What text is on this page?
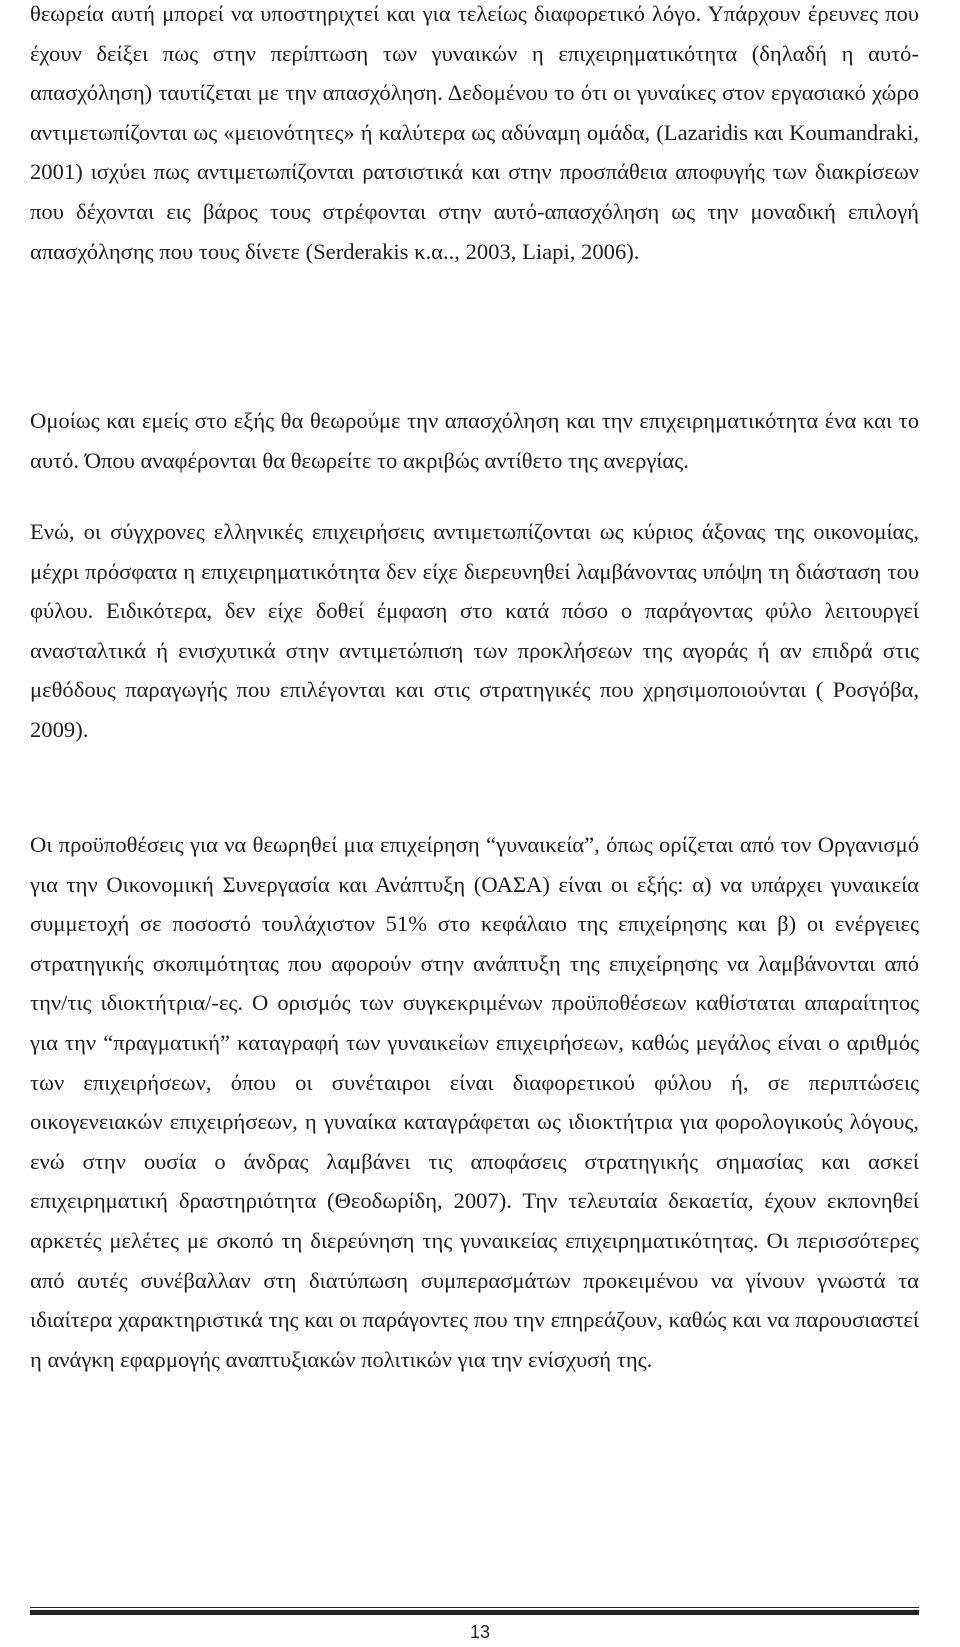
θεωρεία αυτή μπορεί να υποστηριχτεί και για τελείως διαφορετικό λόγο. Υπάρχουν έρευνες που έχουν δείξει πως στην περίπτωση των γυναικών η επιχειρηματικότητα (δηλαδή η αυτό-απασχόληση) ταυτίζεται με την απασχόληση. Δεδομένου το ότι οι γυναίκες στον εργασιακό χώρο αντιμετωπίζονται ως «μειονότητες» ή καλύτερα ως αδύναμη ομάδα, (Lazaridis και Koumandraki, 2001) ισχύει πως αντιμετωπίζονται ρατσιστικά και στην προσπάθεια αποφυγής των διακρίσεων που δέχονται εις βάρος τους στρέφονται στην αυτό-απασχόληση ως την μοναδική επιλογή απασχόλησης που τους δίνετε (Serderakis κ.α.., 2003, Liapi, 2006).

Ομοίως και εμείς στο εξής θα θεωρούμε την απασχόληση και την επιχειρηματικότητα ένα και το αυτό. Όπου αναφέρονται θα θεωρείτε το ακριβώς αντίθετο της ανεργίας.

Ενώ, οι σύγχρονες ελληνικές επιχειρήσεις αντιμετωπίζονται ως κύριος άξονας της οικονομίας, μέχρι πρόσφατα η επιχειρηματικότητα δεν είχε διερευνηθεί λαμβάνοντας υπόψη τη διάσταση του φύλου. Ειδικότερα, δεν είχε δοθεί έμφαση στο κατά πόσο ο παράγοντας φύλο λειτουργεί ανασταλτικά ή ενισχυτικά στην αντιμετώπιση των προκλήσεων της αγοράς ή αν επιδρά στις μεθόδους παραγωγής που επιλέγονται και στις στρατηγικές που χρησιμοποιούνται ( Ρoσγόβα, 2009).

Οι προϋποθέσεις για να θεωρηθεί μια επιχείρηση “γυναικεία”, όπως ορίζεται από τον Οργανισμό για την Οικονομική Συνεργασία και Ανάπτυξη (ΟΑΣΑ) είναι οι εξής: α) να υπάρχει γυναικεία συμμετοχή σε ποσοστό τουλάχιστον 51% στο κεφάλαιο της επιχείρησης και β) οι ενέργειες στρατηγικής σκοπιμότητας που αφορούν στην ανάπτυξη της επιχείρησης να λαμβάνονται από την/τις ιδιοκτήτρια/-ες. Ο ορισμός των συγκεκριμένων προϋποθέσεων καθίσταται απαραίτητος για την “πραγματική” καταγραφή των γυναικείων επιχειρήσεων, καθώς μεγάλος είναι ο αριθμός των επιχειρήσεων, όπου οι συνέταιροι είναι διαφορετικού φύλου ή, σε περιπτώσεις οικογενειακών επιχειρήσεων, η γυναίκα καταγράφεται ως ιδιοκτήτρια για φορολογικούς λόγους, ενώ στην ουσία ο άνδρας λαμβάνει τις αποφάσεις στρατηγικής σημασίας και ασκεί επιχειρηματική δραστηριότητα (Θεοδωρίδη, 2007). Την τελευταία δεκαετία, έχουν εκπονηθεί αρκετές μελέτες με σκοπό τη διερεύνηση της γυναικείας επιχειρηματικότητας. Οι περισσότερες από αυτές συνέβαλλαν στη διατύπωση συμπερασμάτων προκειμένου να γίνουν γνωστά τα ιδιαίτερα χαρακτηριστικά της και οι παράγοντες που την επηρεάζουν, καθώς και να παρουσιαστεί η ανάγκη εφαρμογής αναπτυξιακών πολιτικών για την ενίσχυσή της.

13
